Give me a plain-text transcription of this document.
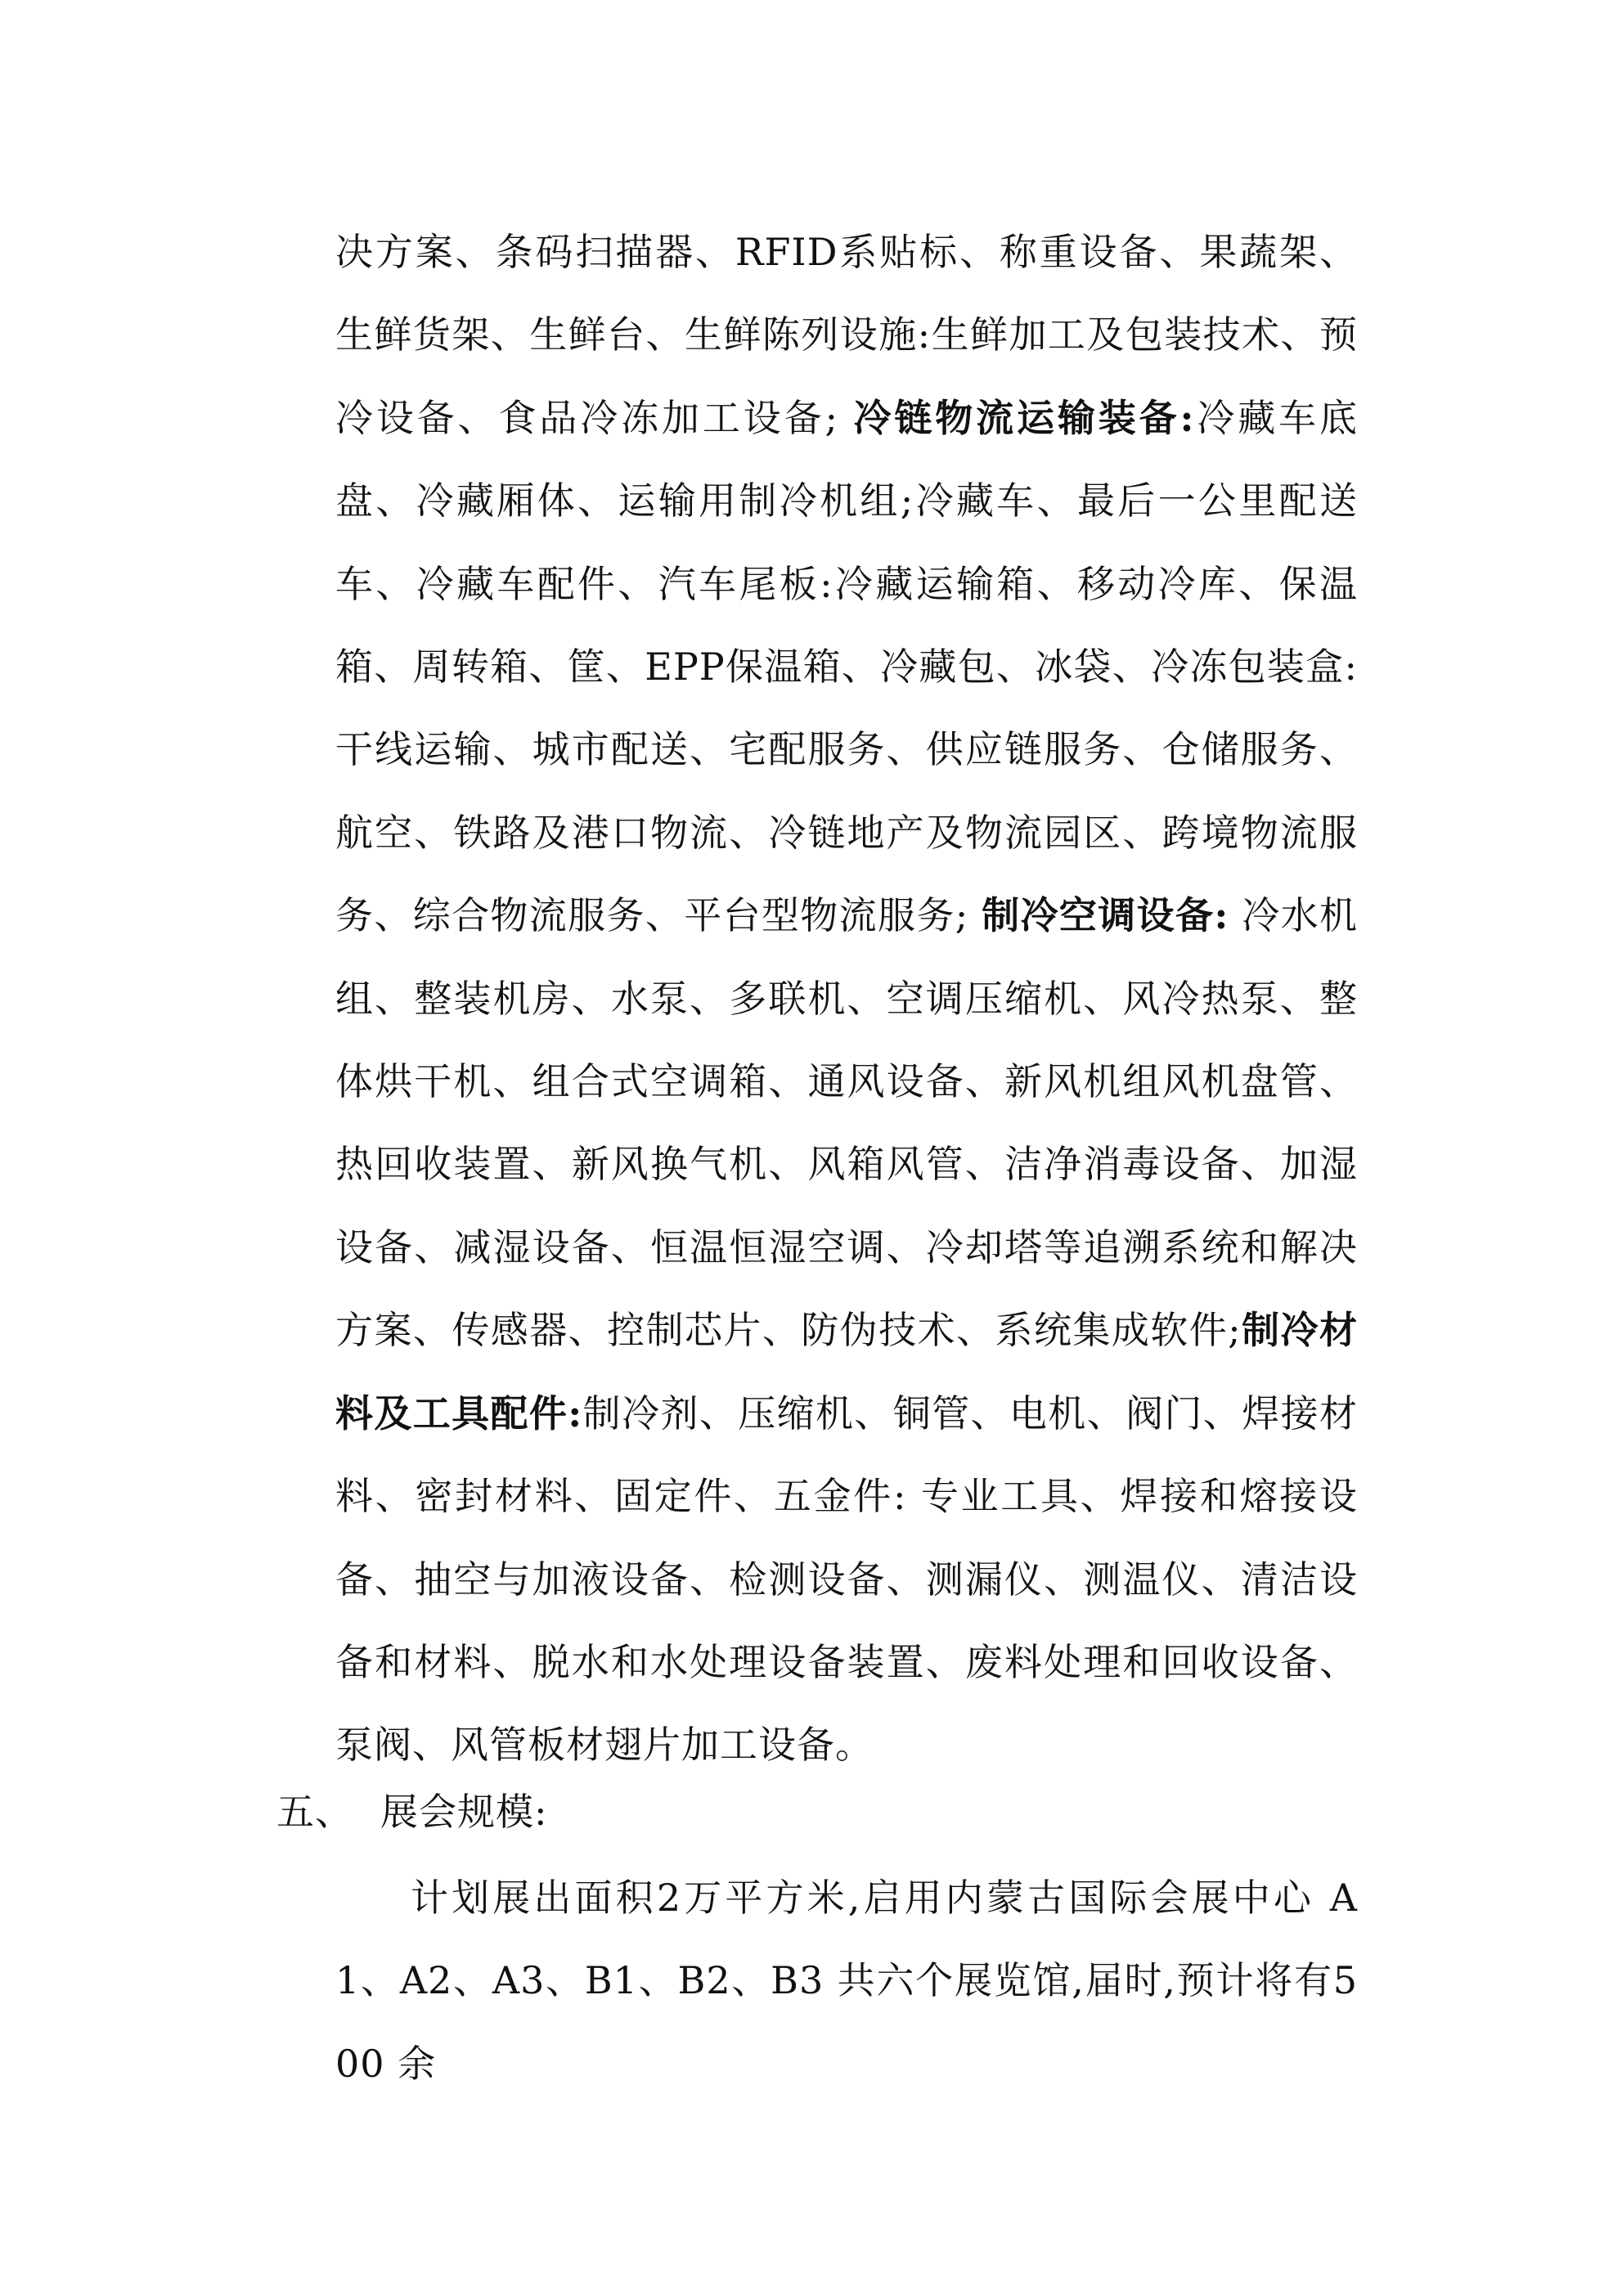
决方案、条码扫描器、RFID系贴标、称重设备、果蔬架、生鲜货架、生鲜台、生鲜陈列设施:生鲜加工及包装技术、预冷设备、食品冷冻加工设备; 冷链物流运输装备:冷藏车底盘、冷藏厢体、运输用制冷机组;冷藏车、最后一公里配送车、冷藏车配件、汽车尾板:冷藏运输箱、移动冷库、保温箱、周转箱、筐、EPP保温箱、冷藏包、冰袋、冷冻包装盒:干线运输、城市配送、宅配服务、供应链服务、仓储服务、航空、铁路及港口物流、冷链地产及物流园区、跨境物流服务、综合物流服务、平台型物流服务; 制冷空调设备: 冷水机组、整装机房、水泵、多联机、空调压缩机、风冷热泵、整体烘干机、组合式空调箱、通风设备、新风机组风机盘管、热回收装置、新风换气机、风箱风管、洁净消毒设备、加湿设备、减湿设备、恒温恒湿空调、冷却塔等追溯系统和解决方案、传感器、控制芯片、防伪技术、系统集成软件;制冷材料及工具配件:制冷剂、压缩机、铜管、电机、阀门、焊接材料、密封材料、固定件、五金件: 专业工具、焊接和熔接设备、抽空与加液设备、检测设备、测漏仪、测温仪、清洁设备和材料、脱水和水处理设备装置、废料处理和回收设备、泵阀、风管板材翅片加工设备。
五、 展会规模:
计划展出面积2万平方米,启用内蒙古国际会展中心 A1、A2、A3、B1、B2、B3 共六个展览馆,届时,预计将有500 余
